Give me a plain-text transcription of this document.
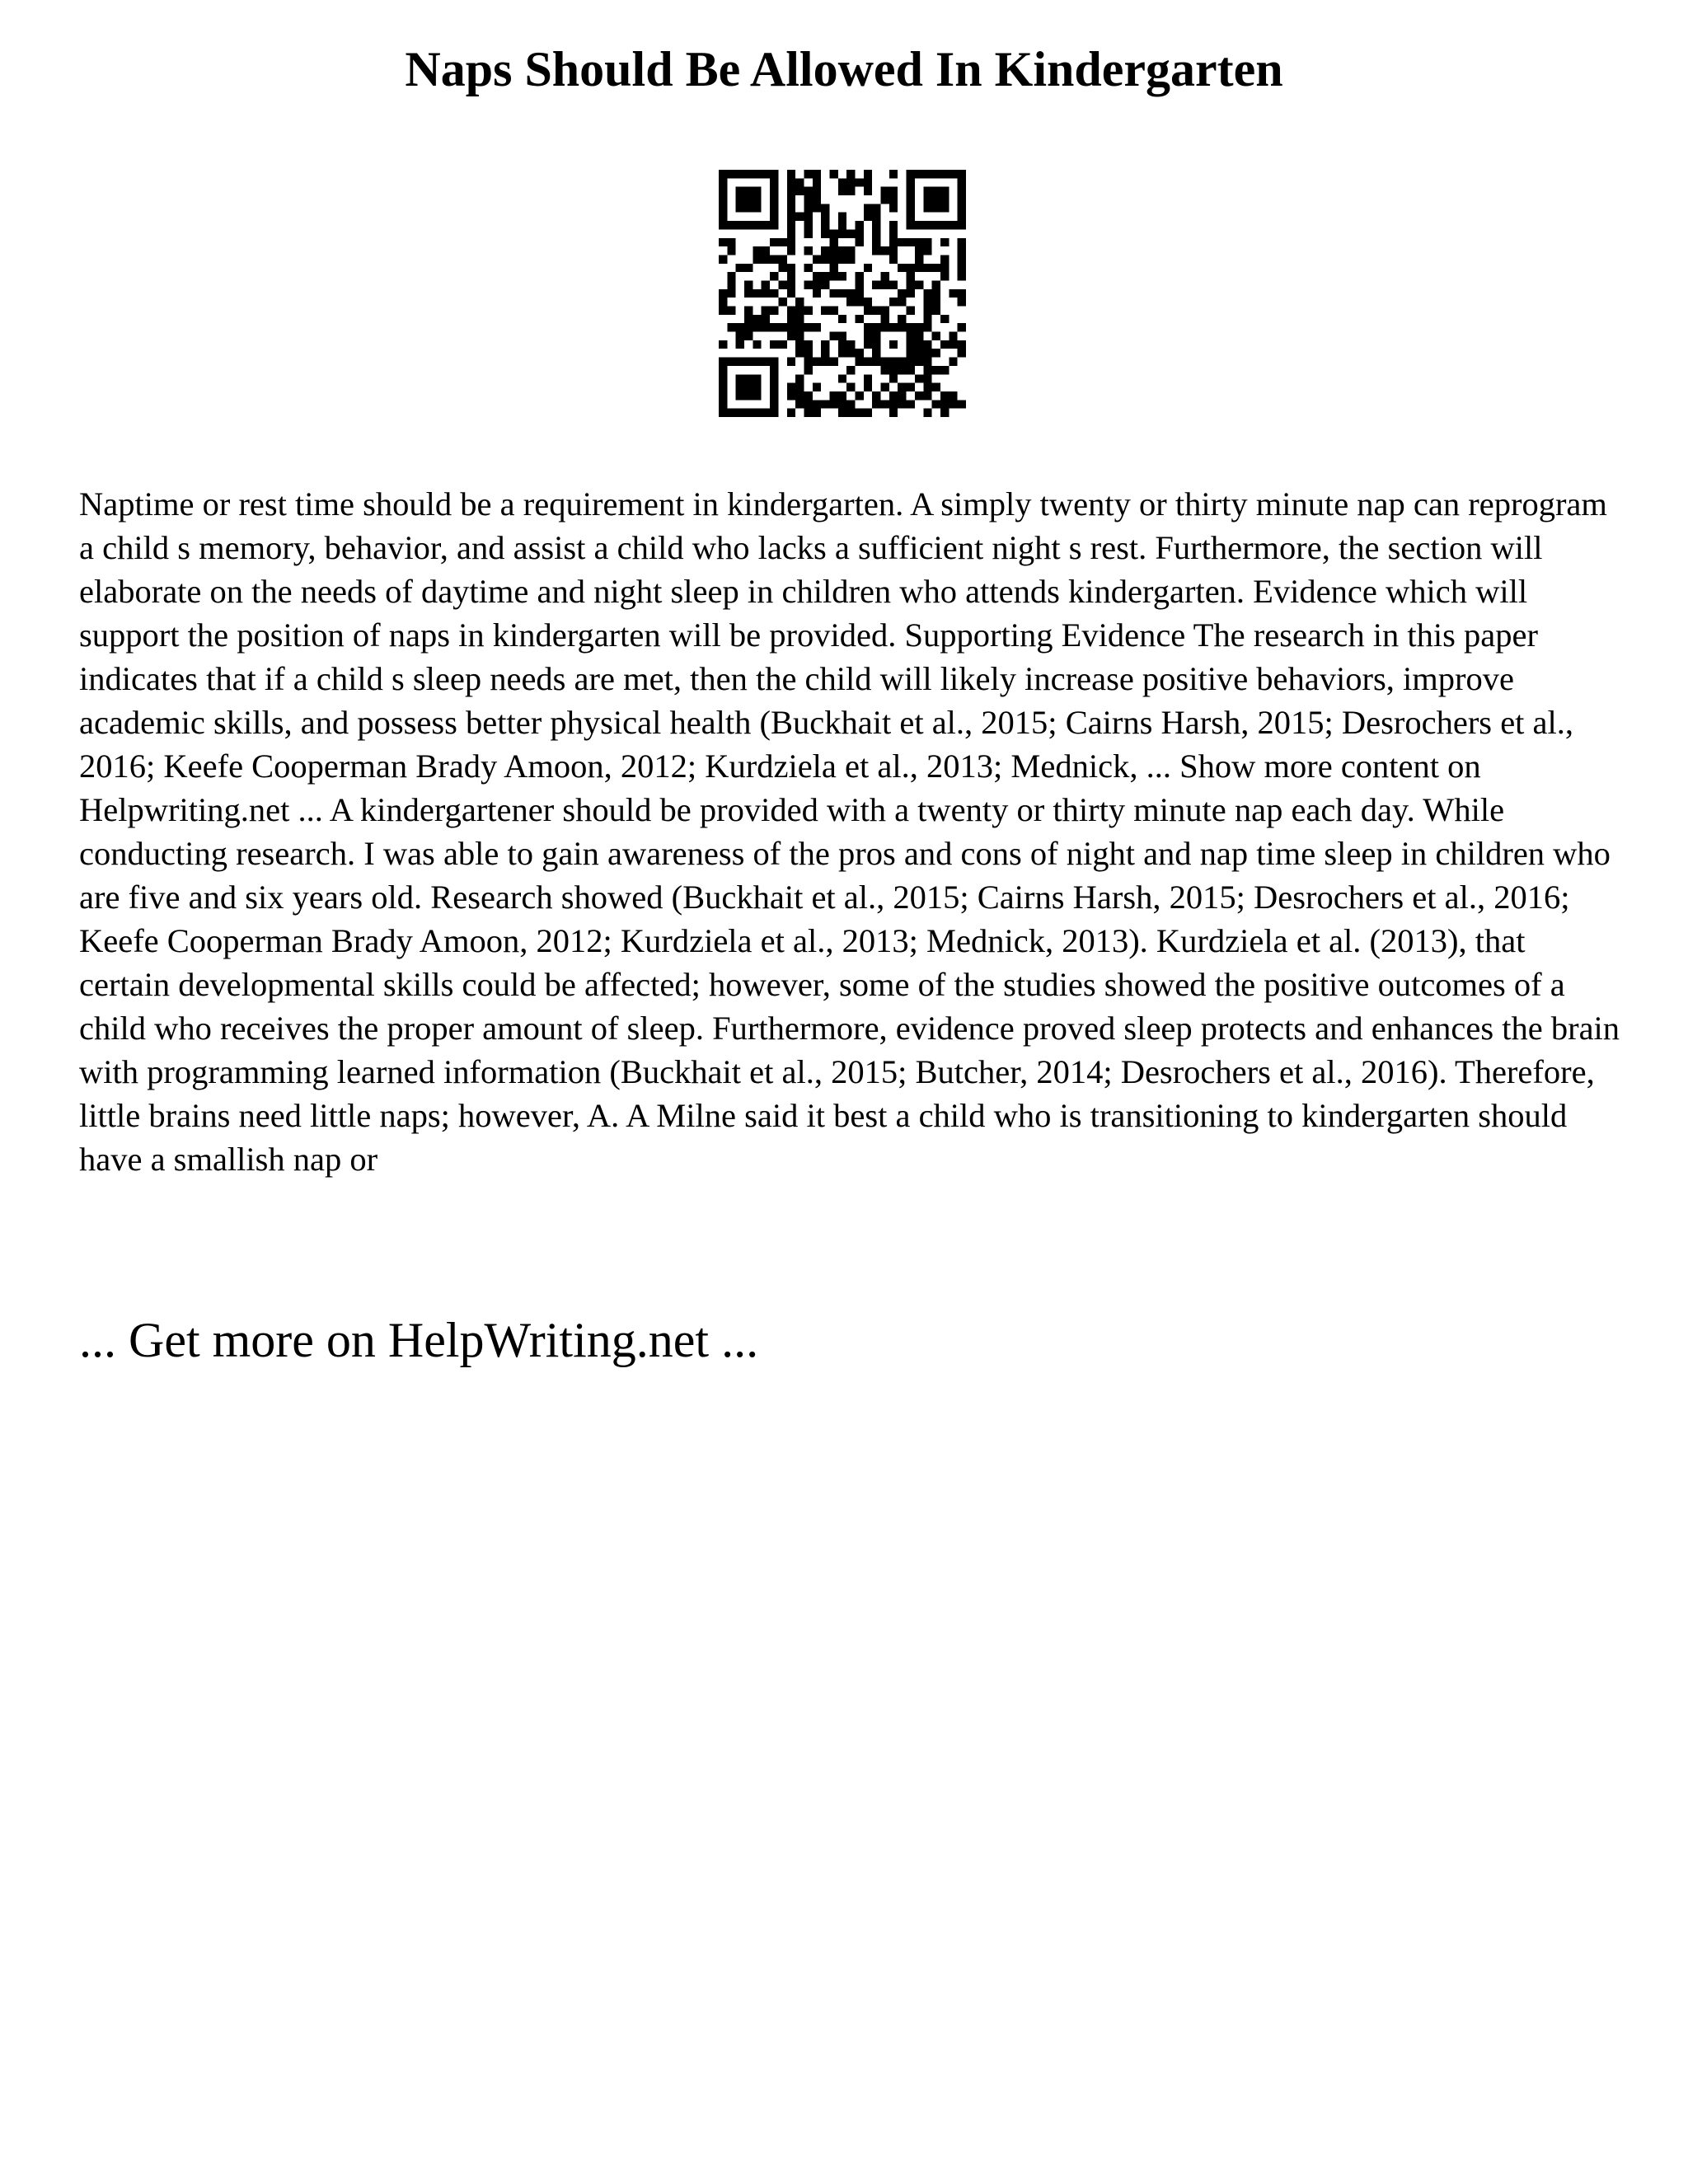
Naps Should Be Allowed In Kindergarten

Naptime or rest time should be a requirement in kindergarten. A simply twenty or thirty minute nap can reprogram a child s memory, behavior, and assist a child who lacks a sufficient night s rest. Furthermore, the section will elaborate on the needs of daytime and night sleep in children who attends kindergarten. Evidence which will support the position of naps in kindergarten will be provided. Supporting Evidence The research in this paper indicates that if a child s sleep needs are met, then the child will likely increase positive behaviors, improve academic skills, and possess better physical health (Buckhait et al., 2015; Cairns Harsh, 2015; Desrochers et al., 2016; Keefe Cooperman Brady Amoon, 2012; Kurdziela et al., 2013; Mednick, ... Show more content on Helpwriting.net ... A kindergartener should be provided with a twenty or thirty minute nap each day. While conducting research. I was able to gain awareness of the pros and cons of night and nap time sleep in children who are five and six years old. Research showed (Buckhait et al., 2015; Cairns Harsh, 2015; Desrochers et al., 2016; Keefe Cooperman Brady Amoon, 2012; Kurdziela et al., 2013; Mednick, 2013). Kurdziela et al. (2013), that certain developmental skills could be affected; however, some of the studies showed the positive outcomes of a child who receives the proper amount of sleep. Furthermore, evidence proved sleep protects and enhances the brain with programming learned information (Buckhait et al., 2015; Butcher, 2014; Desrochers et al., 2016). Therefore, little brains need little naps; however, A. A Milne said it best a child who is transitioning to kindergarten should have a smallish nap or

... Get more on HelpWriting.net ...
